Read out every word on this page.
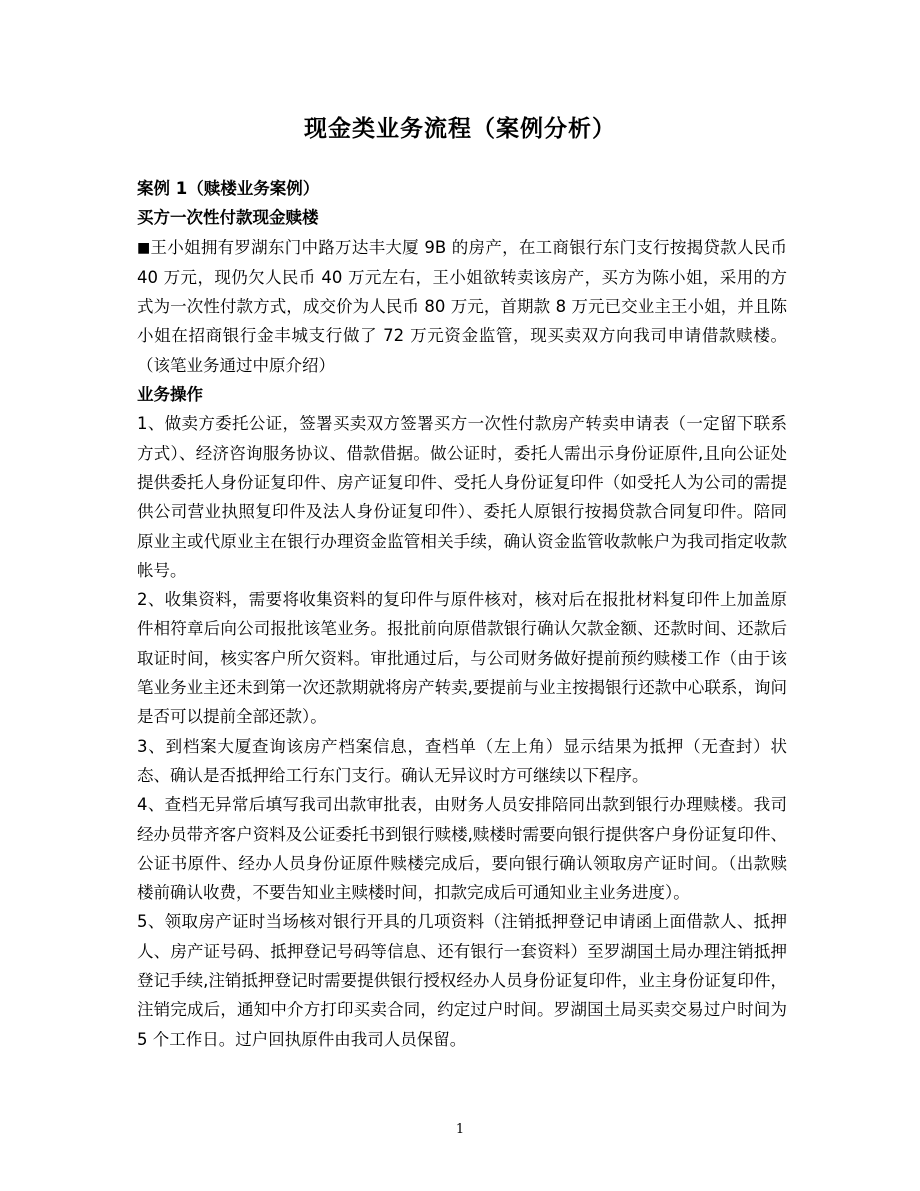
现金类业务流程（案例分析）
案例 1（赎楼业务案例）
买方一次性付款现金赎楼
■王小姐拥有罗湖东门中路万达丰大厦 9B 的房产，在工商银行东门支行按揭贷款人民币 40 万元，现仍欠人民币 40 万元左右，王小姐欲转卖该房产，买方为陈小姐，采用的方式为一次性付款方式，成交价为人民币 80 万元，首期款 8 万元已交业主王小姐，并且陈小姐在招商银行金丰城支行做了 72 万元资金监管，现买卖双方向我司申请借款赎楼。（该笔业务通过中原介绍）
业务操作
1、做卖方委托公证，签署买卖双方签署买方一次性付款房产转卖申请表（一定留下联系方式）、经济咨询服务协议、借款借据。做公证时，委托人需出示身份证原件,且向公证处提供委托人身份证复印件、房产证复印件、受托人身份证复印件（如受托人为公司的需提供公司营业执照复印件及法人身份证复印件）、委托人原银行按揭贷款合同复印件。陪同原业主或代原业主在银行办理资金监管相关手续，确认资金监管收款帐户为我司指定收款帐号。
2、收集资料，需要将收集资料的复印件与原件核对，核对后在报批材料复印件上加盖原件相符章后向公司报批该笔业务。报批前向原借款银行确认欠款金额、还款时间、还款后取证时间，核实客户所欠资料。审批通过后，与公司财务做好提前预约赎楼工作（由于该笔业务业主还未到第一次还款期就将房产转卖,要提前与业主按揭银行还款中心联系，询问是否可以提前全部还款）。
3、到档案大厦查询该房产档案信息，查档单（左上角）显示结果为抵押（无查封）状态、确认是否抵押给工行东门支行。确认无异议时方可继续以下程序。
4、查档无异常后填写我司出款审批表，由财务人员安排陪同出款到银行办理赎楼。我司经办员带齐客户资料及公证委托书到银行赎楼,赎楼时需要向银行提供客户身份证复印件、公证书原件、经办人员身份证原件赎楼完成后，要向银行确认领取房产证时间。（出款赎楼前确认收费，不要告知业主赎楼时间，扣款完成后可通知业主业务进度）。
5、领取房产证时当场核对银行开具的几项资料（注销抵押登记申请函上面借款人、抵押人、房产证号码、抵押登记号码等信息、还有银行一套资料）至罗湖国土局办理注销抵押登记手续,注销抵押登记时需要提供银行授权经办人员身份证复印件，业主身份证复印件，注销完成后，通知中介方打印买卖合同，约定过户时间。罗湖国土局买卖交易过户时间为 5 个工作日。过户回执原件由我司人员保留。
1
